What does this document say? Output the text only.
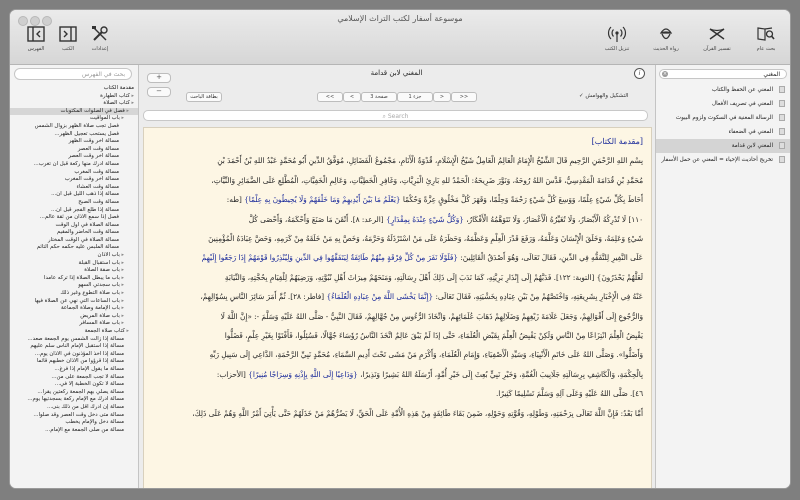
موسوعة أسفار لكتب التراث الإسلامي
الفهرس	الكتب	إعدادات	تنزيل الكتب	رواة الحديث	تفسير القرآن	بحث عام
بحث في الفهرس
مقدمة الكتاب
▸ كتاب الطهارة
▸ كتاب الصلاة
▸ فصل في الصلوات المكتوبات
▸ باب المواقيت
فصل تجب صلاة الظهر بزوال الشمس
فصل يستحب تعجيل الظهر...
مسألة آخر وقت الظهر
مسألة وقت العصر
مسألة آخر وقت العصر
مسألة ادرك منها ركعة قبل أن تغرب...
مسألة وقت المغرب
مسألة آخر وقت المغرب
مسألة وقت العشاء
مسألة إذا ذهب الليل قبل أن...
مسألة وقت الصبح
مسألة إذا طلع الفجر قبل أن...
فصل إذا سمع الأذان من ثقة عالم...
مسألة الصلاة في أول الوقت
مسألة وقت الحاضر والمقيم
مسألة الصلاة في الوقت المختار
مسألة الملبس عليه حكمه حكم التائم
▸ باب الأذان
▸ باب استقبال القبلة
▸ باب صفة الصلاة
▸ باب ما يبطل الصلاة إذا تركه عامدا
▸ باب سجدتي السهو
▸ باب صلاة التطوع وغير ذلك
▸ باب الساعات التي نهي عن الصلاة فيها
▸ باب الإمامة وصلاة الجماعة
▸ باب صلاة المريض
▸ باب صلاة المسافر
▸ كتاب صلاة الجمعة
مسألة إذا زالت الشمس يوم الجمعة صعد...
مسألة إذا استقبل الإمام الناس سلم عليهم
مسألة إذا أخذ المؤذنون في الأذان يوم...
مسألة إذا قرؤوا من الأذان خطبهم قائما
مسألة ما يقول الإمام إذا فرغ...
مسألة لا تجب الجمعة على من...
مسألة لا تكون الخطبة إلا في...
مسألة يصلي بهم الجمعة ركعتين يقرأ...
مسألة أدرك مع الإمام ركعة بسجدتيها يوم...
مسألة إن أدرك أقل من ذلك بنى...
مسألة متى دخل وقت العصر وقد صلوا...
مسألة دخل والإمام يخطب
مسألة من صلى الجمعة مع الإمام...
المغني لابن قدامة	i
+
−
بطاقة الباحث	<<	<	صفحة 3	جزء 1	>	>>	✓ التشكيل والهوامش
⌕ Search
[مقدمة الكتاب]
بِسْمِ اللهِ الرَّحْمَنِ الرَّحِيمِ قَالَ الشَّيْخُ الْإِمَامُ الْعَالِمُ الْعَامِلُ شَيْخُ الْإِسْلَامِ، قُدْوَةُ الْأَنَامِ، مَجْمُوعُ الْفَضَائِلِ، مُوَفَّقُ الدِّينِ أَبُو مُحَمَّدٍ عَبْدُ اللهِ بْنُ أَحْمَدَ بْنِ
مُحَمَّدِ بْنِ قُدَامَةَ الْمَقْدِسِيُّ، قَدَّسَ اللهُ رُوحَهُ، وَنَوَّرَ ضَرِيحَهُ: الْحَمْدُ للهِ بَارِئِ الْبَرِيَّاتِ، وَغَافِرِ الْخَطِيَّاتِ، وَعَالِمِ الْخَفِيَّاتِ، الْمُطَّلِعِ عَلَى الضَّمَائِرِ وَالنِّيَّاتِ،
أَحَاطَ بِكُلِّ شَيْءٍ عِلْمًا، وَوَسِعَ كُلَّ شَيْءٍ رَحْمَةً وَحِلْمًا، وَقَهَرَ كُلَّ مَخْلُوقٍ عِزَّةً وَحُكْمًا {يَعْلَمُ مَا بَيْنَ أَيْدِيهِمْ وَمَا خَلْفَهُمْ وَلَا يُحِيطُونَ بِهِ عِلْمًا} [طه:
١١٠] لَا تُدْرِكُهُ الْأَبْصَارُ، وَلَا تُغَيِّرُهُ الْأَعْصَارُ، وَلَا تَتَوَهَّمُهُ الْأَفْكَارُ، {وَكُلُّ شَيْءٍ عِنْدَهُ بِمِقْدَارٍ} [الرعد: ٨]. أَتْقَنَ مَا صَنَعَ وَأَحْكَمَهُ، وَأَحْصَى كُلَّ
شَيْءٍ وَعَلِمَهُ، وَخَلَقَ الْإِنْسَانَ وَعَلَّمَهُ، وَرَفَعَ قَدْرَ الْعِلْمِ وَعَظَّمَهُ، وَحَظَرَهُ عَلَى مَنْ اسْتَرْذَلَهُ وَحَرَّمَهُ، وَخَصَّ بِهِ مَنْ خَلَقَهُ مِنْ كَرَمِهِ، وَحَضَّ عِبَادَهُ الْمُؤْمِنِينَ
عَلَى النَّفِيرِ لِلتَّفَقُّهِ فِي الدِّينِ، فَقَالَ تَعَالَى، وَهُوَ أَصْدَقُ الْقَائِلِينَ: {فَلَوْلَا نَفَرَ مِنْ كُلِّ فِرْقَةٍ مِنْهُمْ طَائِفَةٌ لِيَتَفَقَّهُوا فِي الدِّينِ وَلِيُنْذِرُوا قَوْمَهُمْ إِذَا رَجَعُوا إِلَيْهِمْ
لَعَلَّهُمْ يَحْذَرُونَ} [التوبة: ١٢٢]. فَدَبَّهُمْ إِلَى إِنْذَارِ بَرِيَّتِهِ، كَمَا نَدَبَ إِلَى ذَلِكَ أَهْلَ رِسَالَتِهِ، وَمَنَحَهُمْ مِيرَاثَ أَهْلِ نُبُوَّتِهِ، وَرَضِيَهُمْ لِلْقِيَامِ بِحُجَّتِهِ، وَالنِّيَابَةِ
عَنْهُ فِي الْإِخْبَارِ بِشَرِيعَتِهِ، وَاخْتَصَّهُمْ مِنْ بَيْنِ عِبَادِهِ بِخَشْيَتِهِ، فَقَالَ تَعَالَى: {إِنَّمَا يَخْشَى اللَّهَ مِنْ عِبَادِهِ الْعُلَمَاءُ} [فاطر: ٢٨]. ثُمَّ أَمَرَ سَائِرَ النَّاسِ بِسُؤَالِهِمْ،
وَالرُّجُوعِ إِلَى أَقْوَالِهِمْ، وَجَعَلَ عَلَامَةَ زَيْغِهِمْ وَضَلَالِهِمْ ذَهَابَ عُلَمَائِهِمْ، وَاتِّخَاذَ الرُّءُوسِ مِنْ جُهَّالِهِمْ، فَقَالَ النَّبِيُّ - صَلَّى اللهُ عَلَيْهِ وَسَلَّمَ -: «إِنَّ اللَّهَ لَا
يَقْبِضُ الْعِلْمَ انْتِزَاعًا مِنْ النَّاسِ وَلَكِنْ يَقْبِضُ الْعِلْمَ بِقَبْضِ الْعُلَمَاءِ، حَتَّى إذَا لَمْ يَبْقَ عَالِمٌ اتَّخَذَ النَّاسُ رُؤَسَاءَ جُهَّالًا، فَسُئِلُوا، فَأَفْتَوْا بِغَيْرِ عِلْمٍ، فَضَلُّوا
وَأَضَلُّوا». وَصَلَّى اللهُ عَلَى خَاتَمِ الْأَنْبِيَاءِ، وَسَيِّدِ الْأَصْفِيَاءِ، وَإِمَامِ الْعُلَمَاءِ، وَأَكْرَمِ مَنْ مَشَى تَحْتَ أَدِيمِ السَّمَاءِ، مُحَمَّدٍ نَبِيِّ الرَّحْمَةِ، الدَّاعِي إِلَى سَبِيلِ رَبِّهِ
بِالْحِكْمَةِ، وَالْكَاشِفِ بِرِسَالَتِهِ جَلَابِيبَ الْغُمَّةِ، وَخَيْرِ نَبِيٍّ بُعِثَ إِلَى خَيْرِ أُمَّةٍ، أَرْسَلَهُ اللهُ بَشِيرًا وَنَذِيرًا، {وَدَاعِيًا إِلَى اللَّهِ بِإِذْنِهِ وَسِرَاجًا مُنِيرًا} [الأحزاب:
٤٦]. صَلَّى اللهُ عَلَيْهِ وَعَلَى آلِهِ وَسَلَّمَ تَسْلِيمًا كَثِيرًا.
أَمَّا بَعْدُ: فَإِنَّ اللَّهَ تَعَالَى بِرَحْمَتِهِ، وَطَوْلِهِ، وَقُوَّتِهِ وَحَوْلِهِ، ضَمِنَ بَقَاءَ طَائِفَةٍ مِنْ هَذِهِ الْأُمَّةِ عَلَى الْحَقِّ، لَا يَضُرُّهُمْ مَنْ خَذَلَهُمْ حَتَّى يَأْتِيَ أَمْرُ اللَّهِ وَهُمْ عَلَى ذَلِكَ،
×	المغني
المغني عن الحفظ والكتاب
المغني في تصريف الأفعال
الرسالة المغنية في السكوت ولزوم البيوت
المغني في الضعفاء
المغني لابن قدامة
تخريج أحاديث الإحياء = المغني عن حمل الأسفار
